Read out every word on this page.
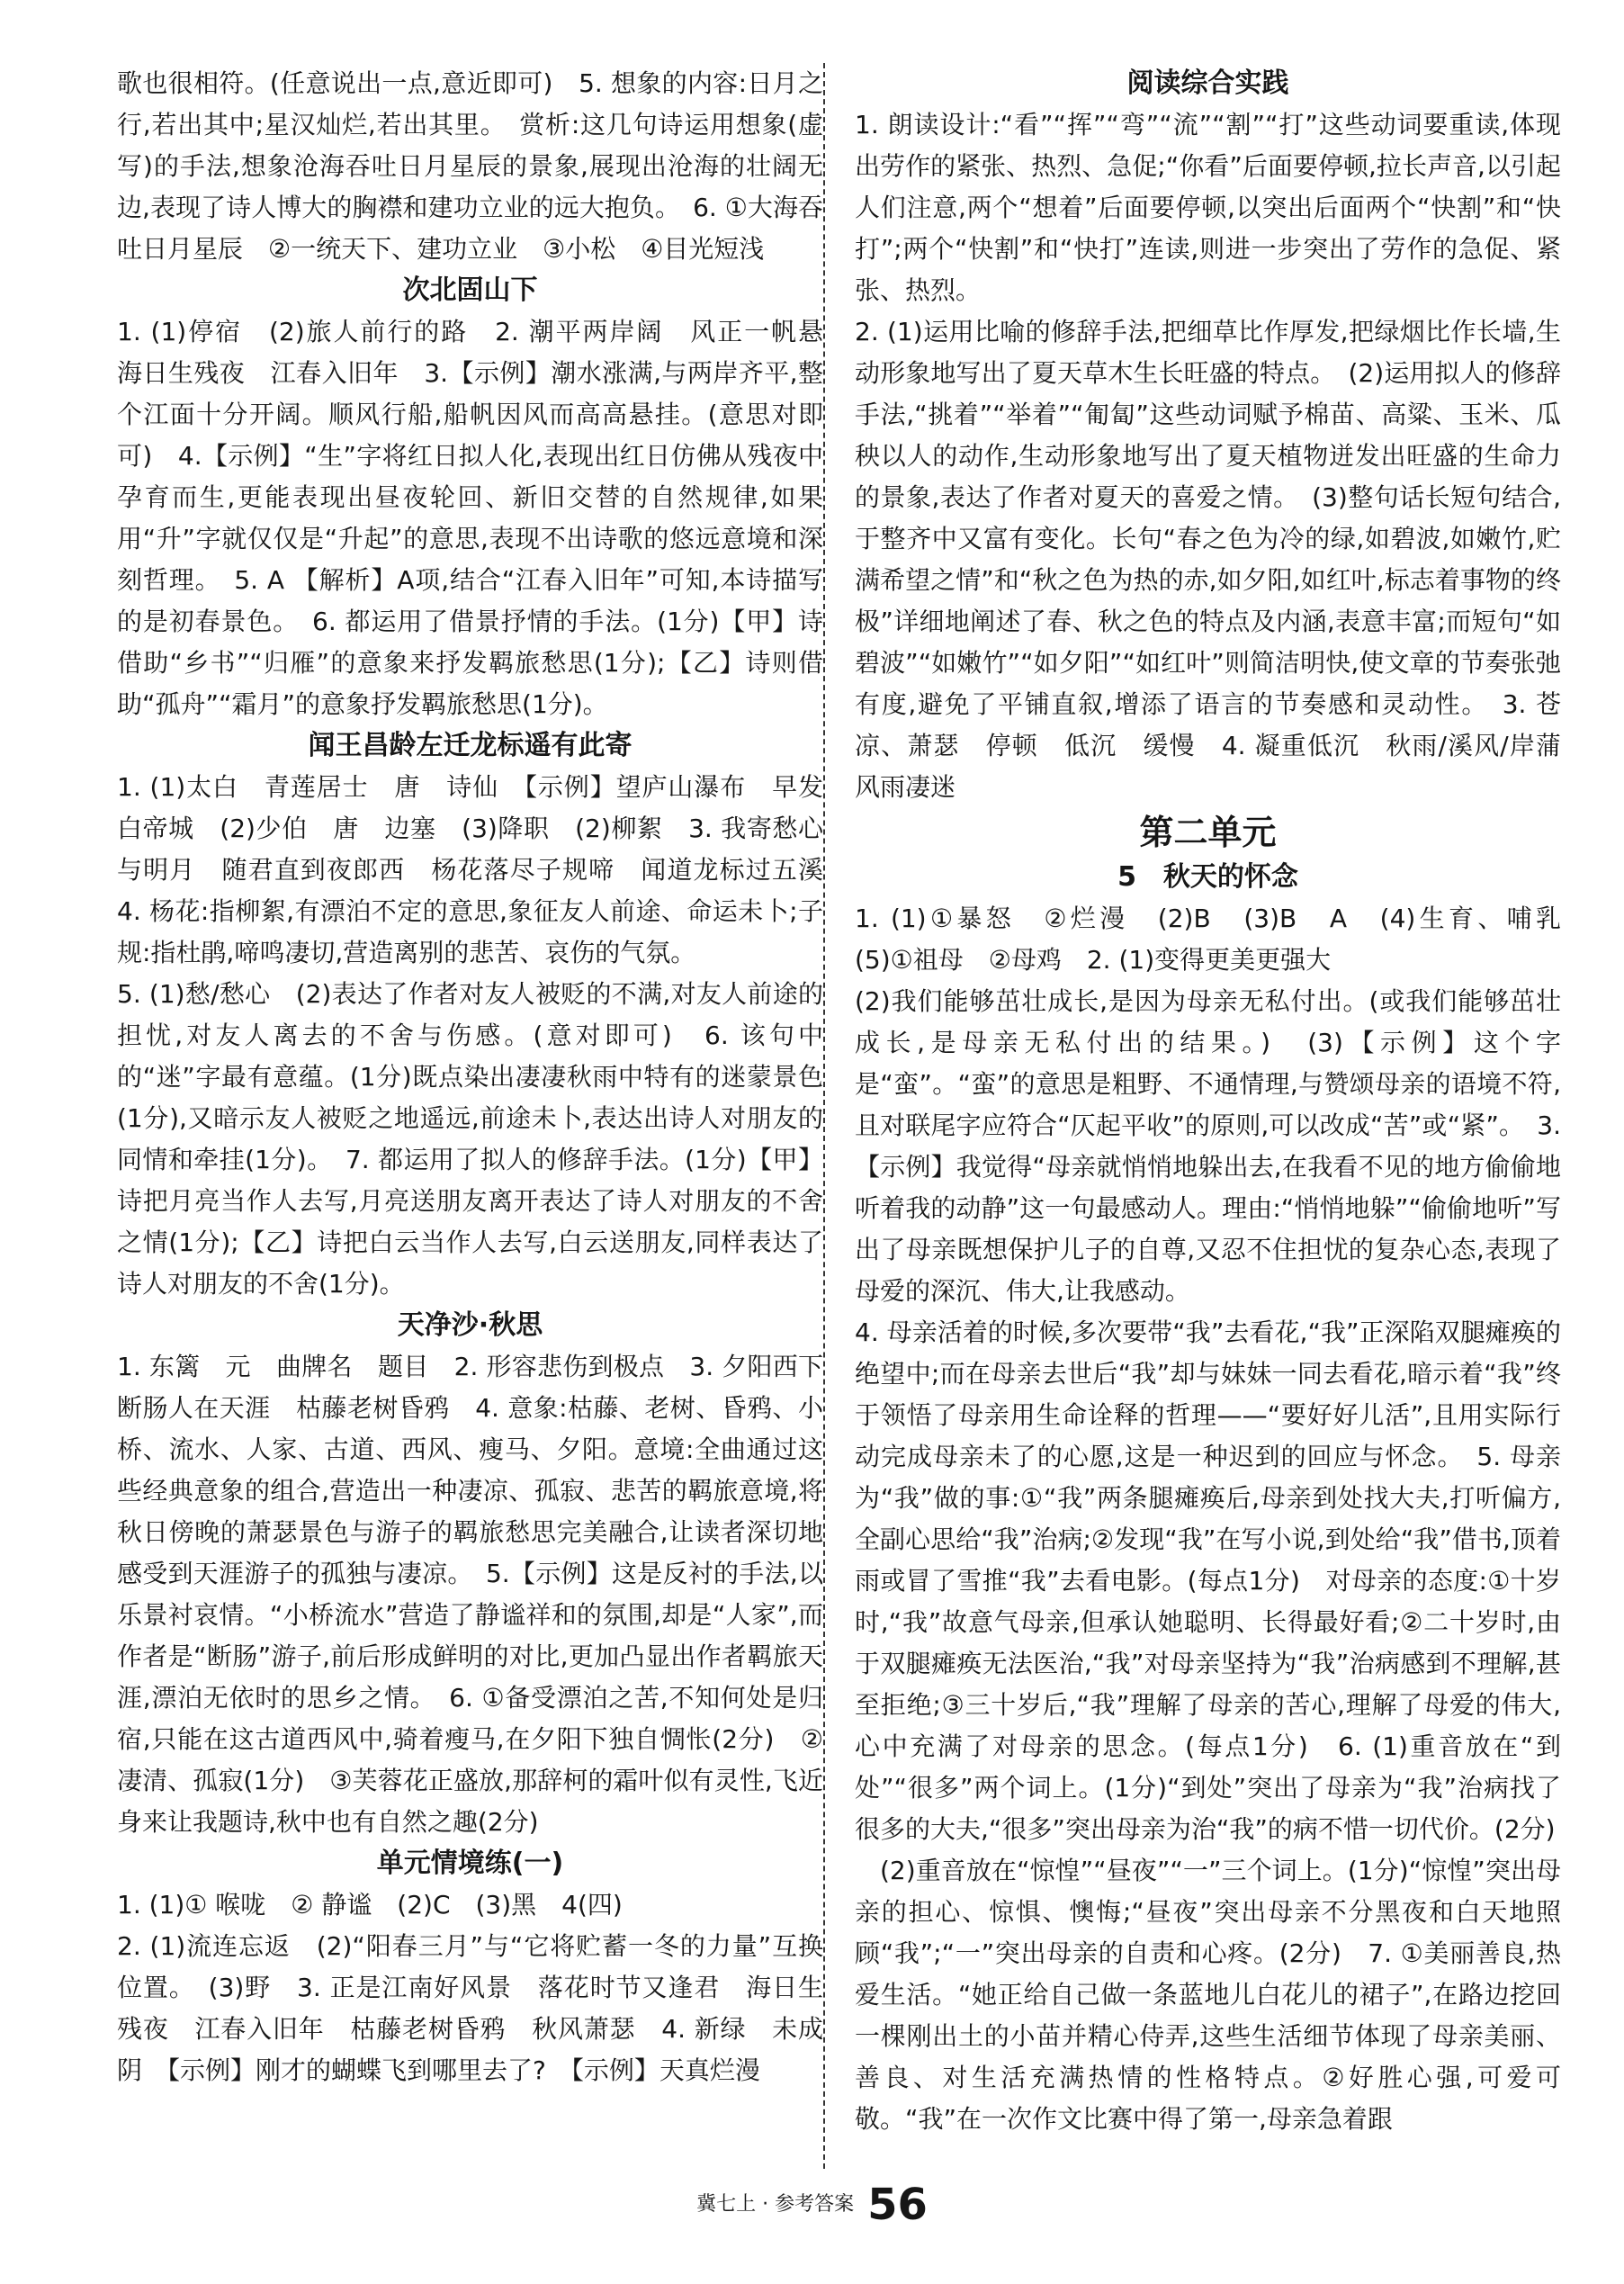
歌也很相符。(任意说出一点,意近即可)　5. 想象的内容:日月之行,若出其中;星汉灿烂,若出其里。　赏析:这几句诗运用想象(虚写)的手法,想象沧海吞吐日月星辰的景象,展现出沧海的壮阔无边,表现了诗人博大的胸襟和建功立业的远大抱负。　6. ①大海吞吐日月星辰　②一统天下、建功立业　③小松　④目光短浅

次北固山下

1. (1)停宿　(2)旅人前行的路　2. 潮平两岸阔　风正一帆悬　海日生残夜　江春入旧年　3.【示例】潮水涨满,与两岸齐平,整个江面十分开阔。顺风行船,船帆因风而高高悬挂。(意思对即可)　4.【示例】“生”字将红日拟人化,表现出红日仿佛从残夜中孕育而生,更能表现出昼夜轮回、新旧交替的自然规律,如果用“升”字就仅仅是“升起”的意思,表现不出诗歌的悠远意境和深刻哲理。　5. A 【解析】A项,结合“江春入旧年”可知,本诗描写的是初春景色。　6. 都运用了借景抒情的手法。(1分)【甲】诗借助“乡书”“归雁”的意象来抒发羁旅愁思(1分);【乙】诗则借助“孤舟”“霜月”的意象抒发羁旅愁思(1分)。

闻王昌龄左迁龙标遥有此寄

1. (1)太白　青莲居士　唐　诗仙　【示例】望庐山瀑布　早发白帝城　(2)少伯　唐　边塞　(3)降职　(2)柳絮　3. 我寄愁心与明月　随君直到夜郎西　杨花落尽子规啼　闻道龙标过五溪　4. 杨花:指柳絮,有漂泊不定的意思,象征友人前途、命运未卜;子规:指杜鹃,啼鸣凄切,营造离别的悲苦、哀伤的气氛。

5. (1)愁/愁心　(2)表达了作者对友人被贬的不满,对友人前途的担忧,对友人离去的不舍与伤感。(意对即可)　6. 该句中的“迷”字最有意蕴。(1分)既点染出凄凄秋雨中特有的迷蒙景色(1分),又暗示友人被贬之地遥远,前途未卜,表达出诗人对朋友的同情和牵挂(1分)。　7. 都运用了拟人的修辞手法。(1分)【甲】诗把月亮当作人去写,月亮送朋友离开表达了诗人对朋友的不舍之情(1分);【乙】诗把白云当作人去写,白云送朋友,同样表达了诗人对朋友的不舍(1分)。

天净沙·秋思

1. 东篱　元　曲牌名　题目　2. 形容悲伤到极点　3. 夕阳西下　断肠人在天涯　枯藤老树昏鸦　4. 意象:枯藤、老树、昏鸦、小桥、流水、人家、古道、西风、瘦马、夕阳。意境:全曲通过这些经典意象的组合,营造出一种凄凉、孤寂、悲苦的羁旅意境,将秋日傍晚的萧瑟景色与游子的羁旅愁思完美融合,让读者深切地感受到天涯游子的孤独与凄凉。　5.【示例】这是反衬的手法,以乐景衬哀情。“小桥流水”营造了静谧祥和的氛围,却是“人家”,而作者是“断肠”游子,前后形成鲜明的对比,更加凸显出作者羁旅天涯,漂泊无依时的思乡之情。　6. ①备受漂泊之苦,不知何处是归宿,只能在这古道西风中,骑着瘦马,在夕阳下独自惆怅(2分)　②凄清、孤寂(1分)　③芙蓉花正盛放,那辞柯的霜叶似有灵性,飞近身来让我题诗,秋中也有自然之趣(2分)

单元情境练(一)

1. (1)① 喉咙　② 静谧　(2)C　(3)黑　4(四)

2. (1)流连忘返　(2)“阳春三月”与“它将贮蓄一冬的力量”互换位置。　(3)野　3. 正是江南好风景　落花时节又逢君　海日生残夜　江春入旧年　枯藤老树昏鸦　秋风萧瑟　4. 新绿　未成阴　【示例】刚才的蝴蝶飞到哪里去了?　【示例】天真烂漫

阅读综合实践

1. 朗读设计:“看”“挥”“弯”“流”“割”“打”这些动词要重读,体现出劳作的紧张、热烈、急促;“你看”后面要停顿,拉长声音,以引起人们注意,两个“想着”后面要停顿,以突出后面两个“快割”和“快打”;两个“快割”和“快打”连读,则进一步突出了劳作的急促、紧张、热烈。

2. (1)运用比喻的修辞手法,把细草比作厚发,把绿烟比作长墙,生动形象地写出了夏天草木生长旺盛的特点。　(2)运用拟人的修辞手法,“挑着”“举着”“匍匐”这些动词赋予棉苗、高粱、玉米、瓜秧以人的动作,生动形象地写出了夏天植物迸发出旺盛的生命力的景象,表达了作者对夏天的喜爱之情。　(3)整句话长短句结合,于整齐中又富有变化。长句“春之色为冷的绿,如碧波,如嫩竹,贮满希望之情”和“秋之色为热的赤,如夕阳,如红叶,标志着事物的终极”详细地阐述了春、秋之色的特点及内涵,表意丰富;而短句“如碧波”“如嫩竹”“如夕阳”“如红叶”则简洁明快,使文章的节奏张弛有度,避免了平铺直叙,增添了语言的节奏感和灵动性。　3. 苍凉、萧瑟　停顿　低沉　缓慢　4. 凝重低沉　秋雨/溪风/岸蒲　风雨凄迷

第二单元
5　秋天的怀念

1. (1)①暴怒　②烂漫　(2)B　(3)B　A　(4)生育、哺乳　(5)①祖母　②母鸡　2. (1)变得更美更强大

(2)我们能够茁壮成长,是因为母亲无私付出。(或我们能够茁壮成长,是母亲无私付出的结果。)　(3)【示例】这个字是“蛮”。“蛮”的意思是粗野、不通情理,与赞颂母亲的语境不符,且对联尾字应符合“仄起平收”的原则,可以改成“苦”或“紧”。　3.【示例】我觉得“母亲就悄悄地躲出去,在我看不见的地方偷偷地听着我的动静”这一句最感动人。理由:“悄悄地躲”“偷偷地听”写出了母亲既想保护儿子的自尊,又忍不住担忧的复杂心态,表现了母爱的深沉、伟大,让我感动。

4. 母亲活着的时候,多次要带“我”去看花,“我”正深陷双腿瘫痪的绝望中;而在母亲去世后“我”却与妹妹一同去看花,暗示着“我”终于领悟了母亲用生命诠释的哲理——“要好好儿活”,且用实际行动完成母亲未了的心愿,这是一种迟到的回应与怀念。　5. 母亲为“我”做的事:①“我”两条腿瘫痪后,母亲到处找大夫,打听偏方,全副心思给“我”治病;②发现“我”在写小说,到处给“我”借书,顶着雨或冒了雪推“我”去看电影。(每点1分)　对母亲的态度:①十岁时,“我”故意气母亲,但承认她聪明、长得最好看;②二十岁时,由于双腿瘫痪无法医治,“我”对母亲坚持为“我”治病感到不理解,甚至拒绝;③三十岁后,“我”理解了母亲的苦心,理解了母爱的伟大,心中充满了对母亲的思念。(每点1分)　6. (1)重音放在“到处”“很多”两个词上。(1分)“到处”突出了母亲为“我”治病找了很多的大夫,“很多”突出母亲为治“我”的病不惜一切代价。(2分)

(2)重音放在“惊惶”“昼夜”“一”三个词上。(1分)“惊惶”突出母亲的担心、惊惧、懊悔;“昼夜”突出母亲不分黑夜和白天地照顾“我”;“一”突出母亲的自责和心疼。(2分)　7. ①美丽善良,热爱生活。“她正给自己做一条蓝地儿白花儿的裙子”,在路边挖回一棵刚出土的小苗并精心侍弄,这些生活细节体现了母亲美丽、善良、对生活充满热情的性格特点。②好胜心强,可爱可敬。“我”在一次作文比赛中得了第一,母亲急着跟

冀七上 · 参考答案 56
